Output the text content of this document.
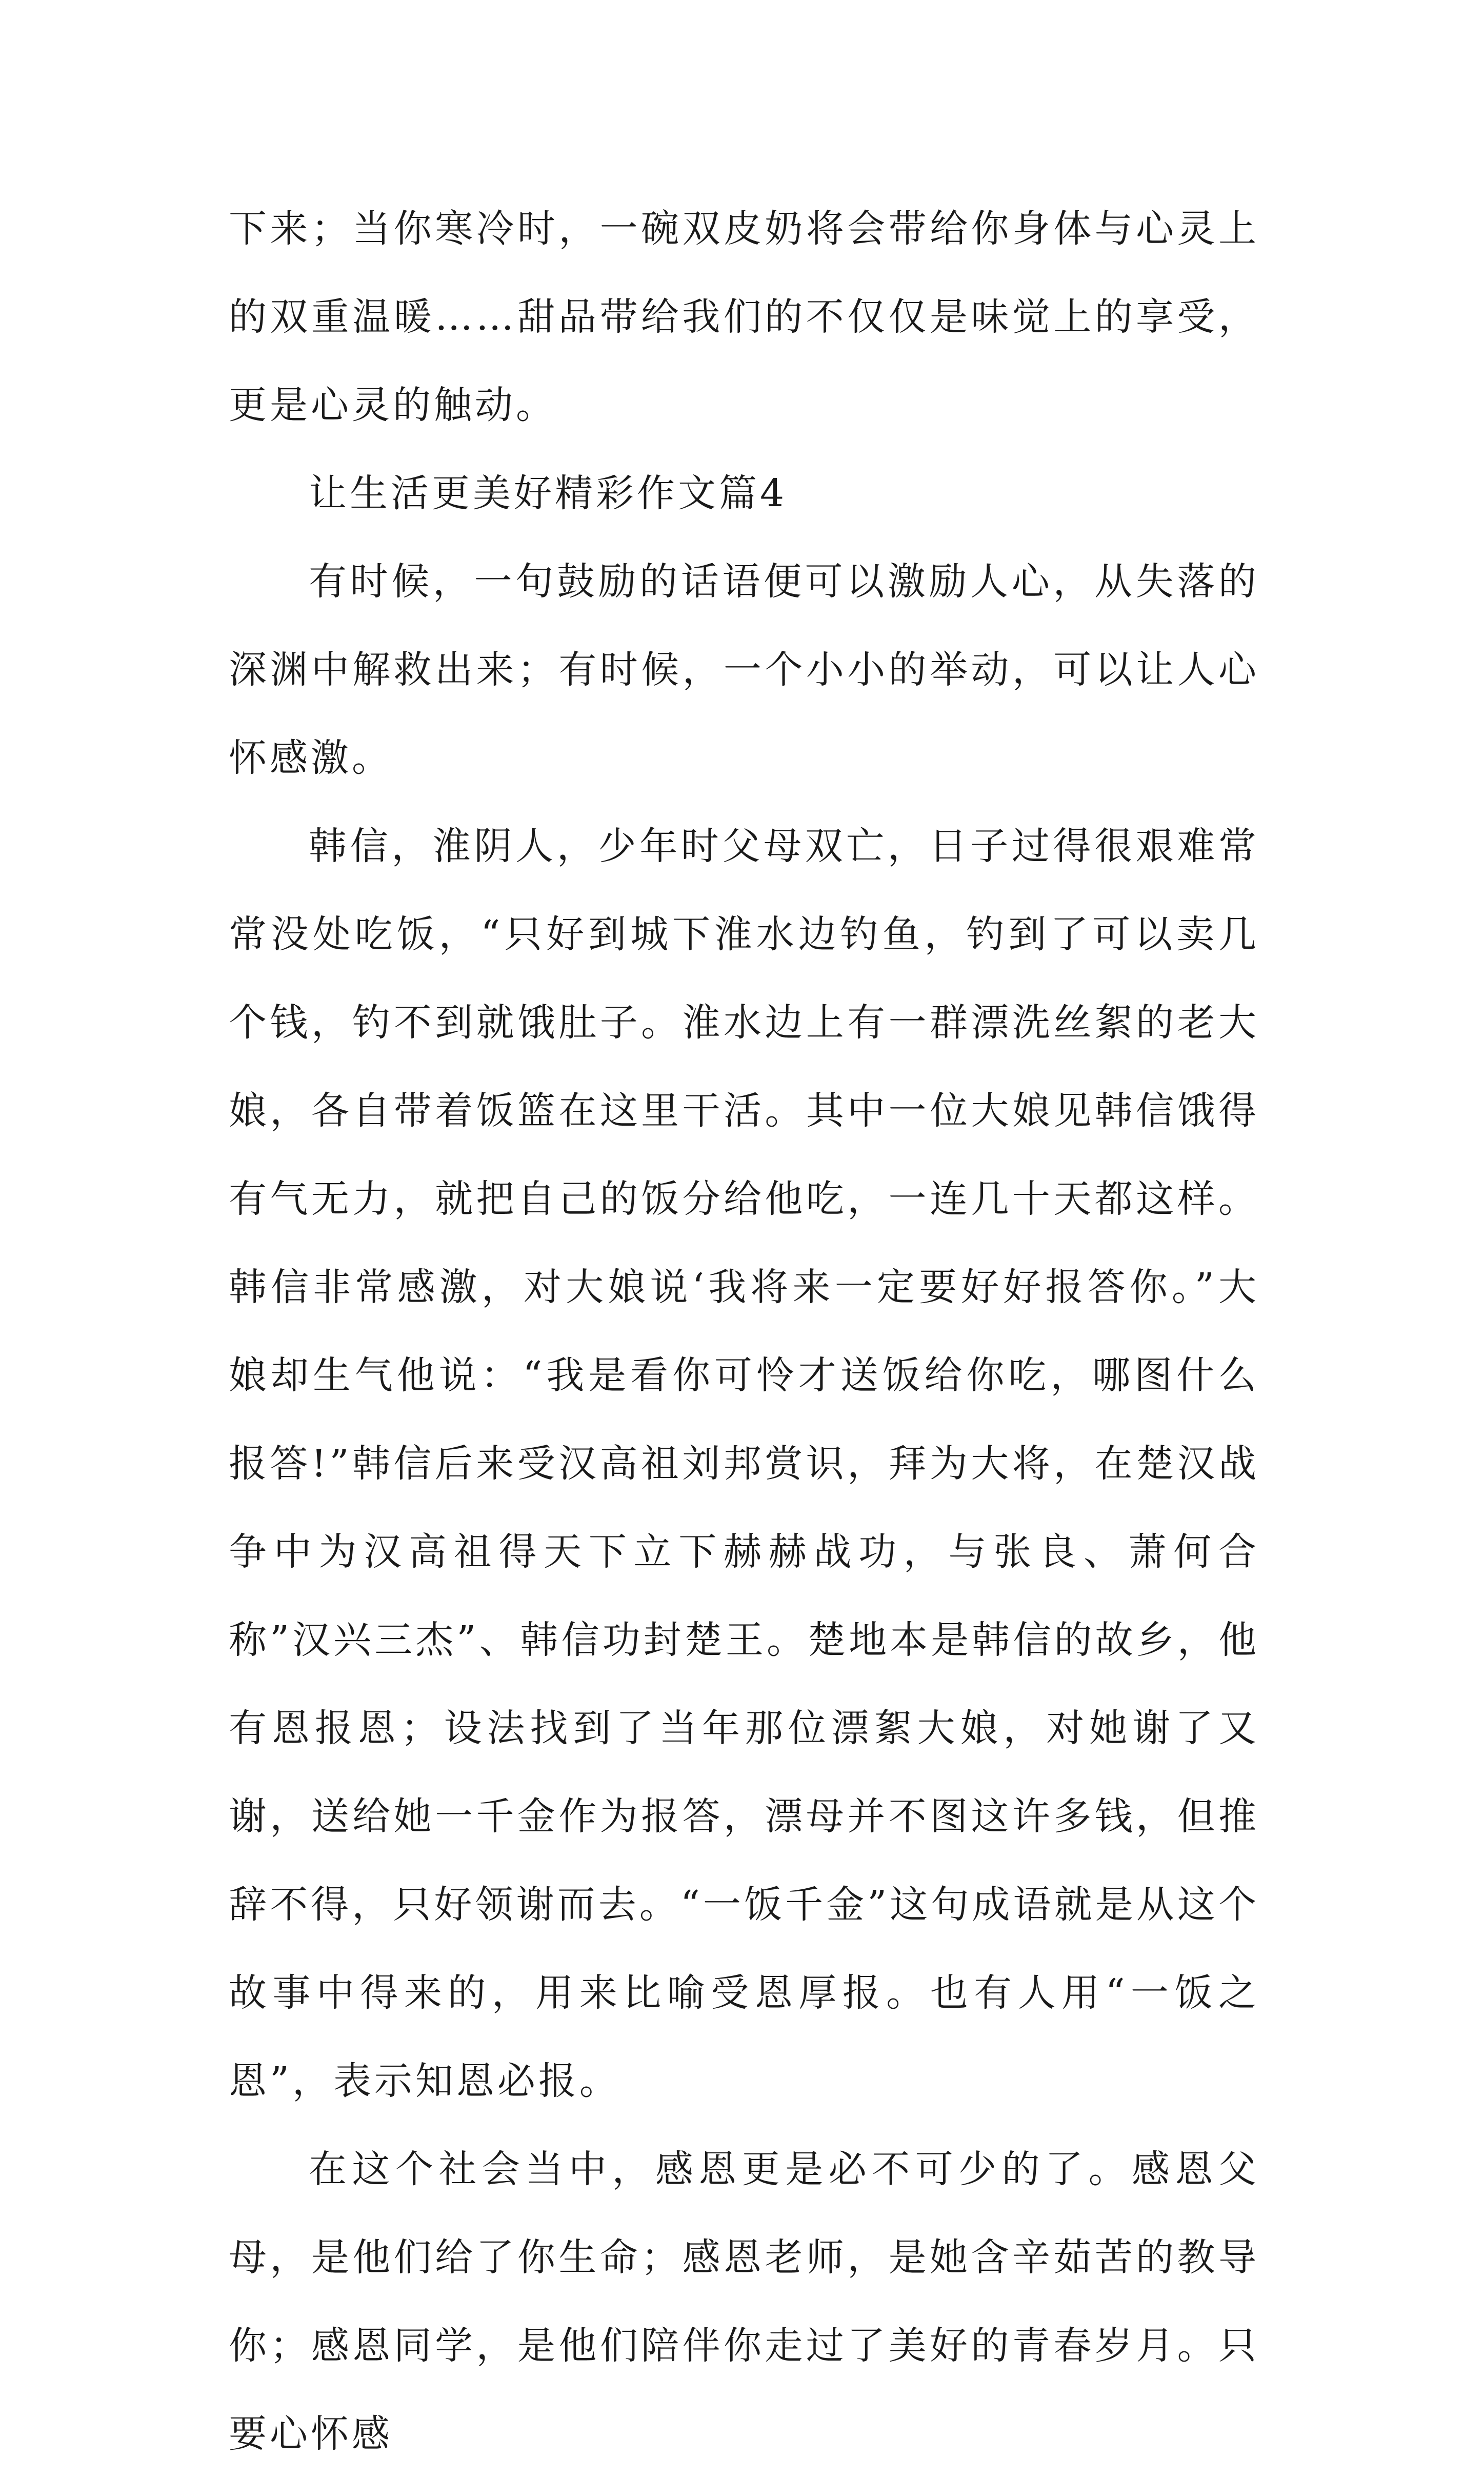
下来；当你寒冷时，一碗双皮奶将会带给你身体与心灵上的双重温暖……甜品带给我们的不仅仅是味觉上的享受，更是心灵的触动。

让生活更美好精彩作文篇4

有时候，一句鼓励的话语便可以激励人心，从失落的深渊中解救出来；有时候，一个小小的举动，可以让人心怀感激。

韩信，淮阴人，少年时父母双亡，日子过得很艰难常常没处吃饭，“只好到城下淮水边钓鱼，钓到了可以卖几个钱，钓不到就饿肚子。淮水边上有一群漂洗丝絮的老大娘，各自带着饭篮在这里干活。其中一位大娘见韩信饿得有气无力，就把自己的饭分给他吃，一连几十天都这样。韩信非常感激，对大娘说‘我将来一定要好好报答你。”大娘却生气他说：“我是看你可怜才送饭给你吃，哪图什么报答!”韩信后来受汉高祖刘邦赏识，拜为大将，在楚汉战争中为汉高祖得天下立下赫赫战功，与张良、萧何合称”汉兴三杰”、韩信功封楚王。楚地本是韩信的故乡，他有恩报恩；设法找到了当年那位漂絮大娘，对她谢了又谢，送给她一千金作为报答，漂母并不图这许多钱，但推辞不得，只好领谢而去。“一饭千金”这句成语就是从这个故事中得来的，用来比喻受恩厚报。也有人用“一饭之恩”，表示知恩必报。

在这个社会当中，感恩更是必不可少的了。感恩父母，是他们给了你生命；感恩老师，是她含辛茹苦的教导你；感恩同学，是他们陪伴你走过了美好的青春岁月。只要心怀感
